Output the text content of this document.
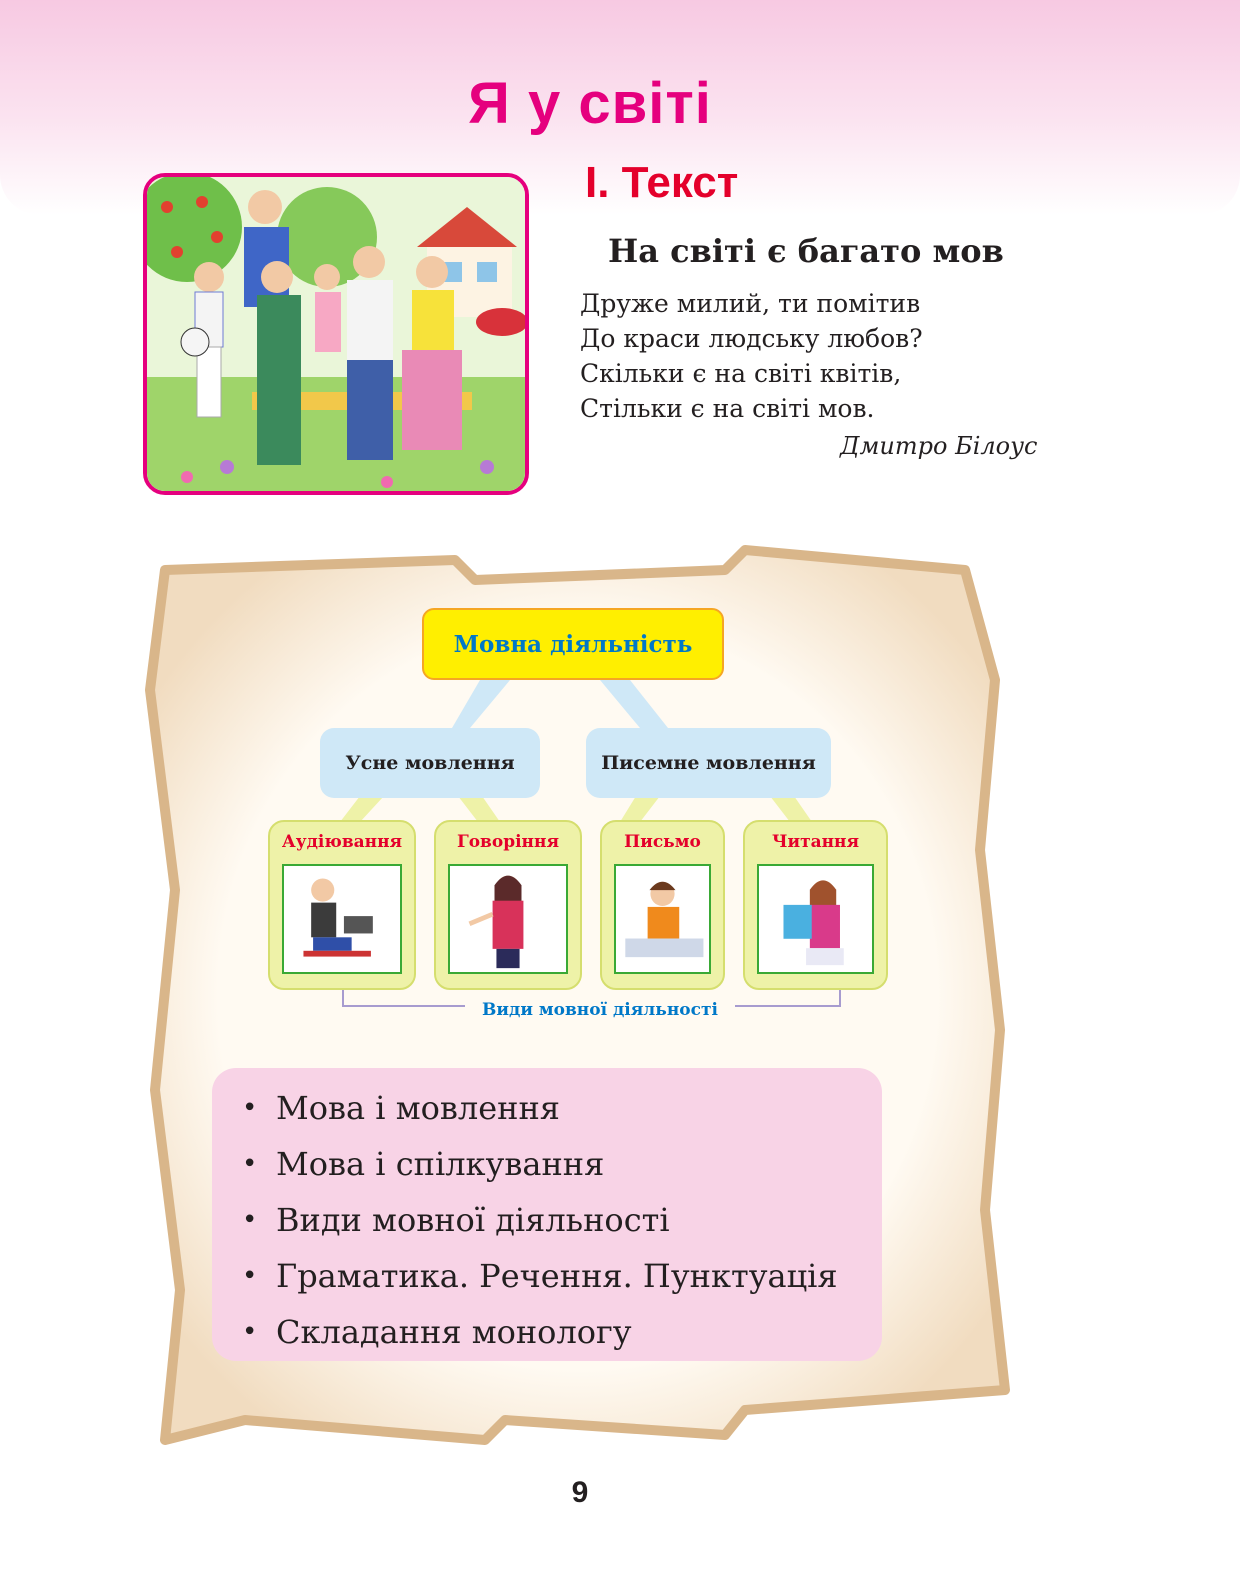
Я у світі
І. Текст
На світі є багато мов
Друже милий, ти помітив
До краси людську любов?
Скільки є на світі квітів,
Стільки є на світі мов.
Дмитро Білоус
Мовна діяльність
Усне мовлення	Писемне мовлення
Аудіювання	Говоріння	Письмо	Читання
Види мовної діяльності
• Мова і мовлення
• Мова і спілкування
• Види мовної діяльності
• Граматика. Речення. Пунктуація
• Складання монологу
9
